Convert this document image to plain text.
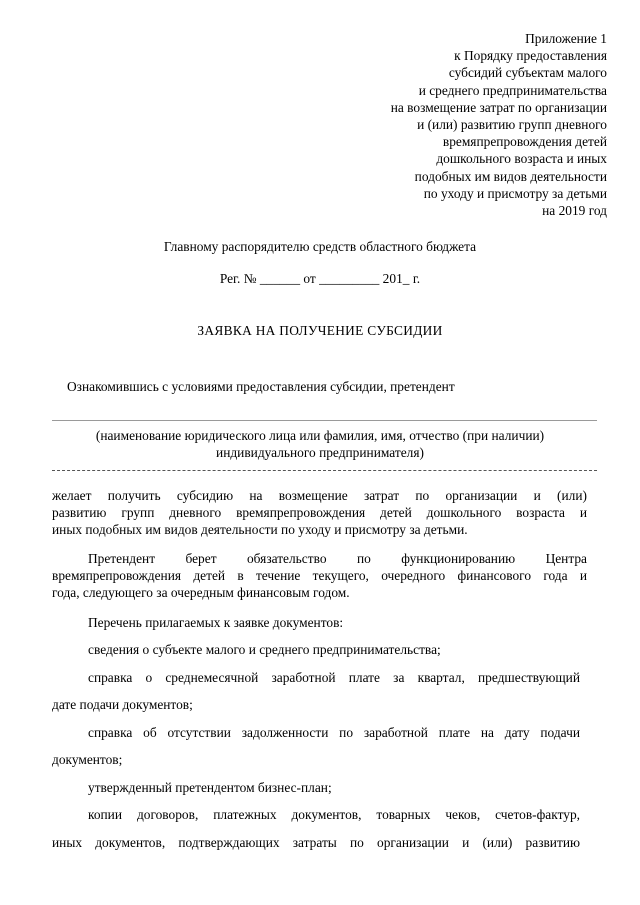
Приложение 1
к Порядку предоставления
субсидий субъектам малого
и среднего предпринимательства
на возмещение затрат по организации
и (или) развитию групп дневного
времяпрепровождения детей
дошкольного возраста и иных
подобных им видов деятельности
по уходу и присмотру за детьми
на 2019 год
Главному распорядителю средств областного бюджета
Рег. № ______ от _________ 201_ г.
ЗАЯВКА НА ПОЛУЧЕНИЕ СУБСИДИИ
Ознакомившись с условиями предоставления субсидии, претендент
(наименование юридического лица или фамилия, имя, отчество (при наличии)
индивидуального предпринимателя)
желает получить субсидию на возмещение затрат по организации и (или)
развитию групп дневного времяпрепровождения детей дошкольного возраста и
иных подобных им видов деятельности по уходу и присмотру за детьми.
Претендент берет обязательство по функционированию Центра
времяпрепровождения детей в течение текущего, очередного финансового года и
года, следующего за очередным финансовым годом.
Перечень прилагаемых к заявке документов:
сведения о субъекте малого и среднего предпринимательства;
справка о среднемесячной заработной плате за квартал, предшествующий
дате подачи документов;
справка об отсутствии задолженности по заработной плате на дату подачи
документов;
утвержденный претендентом бизнес-план;
копии договоров, платежных документов, товарных чеков, счетов-фактур,
иных документов, подтверждающих затраты по организации и (или) развитию
